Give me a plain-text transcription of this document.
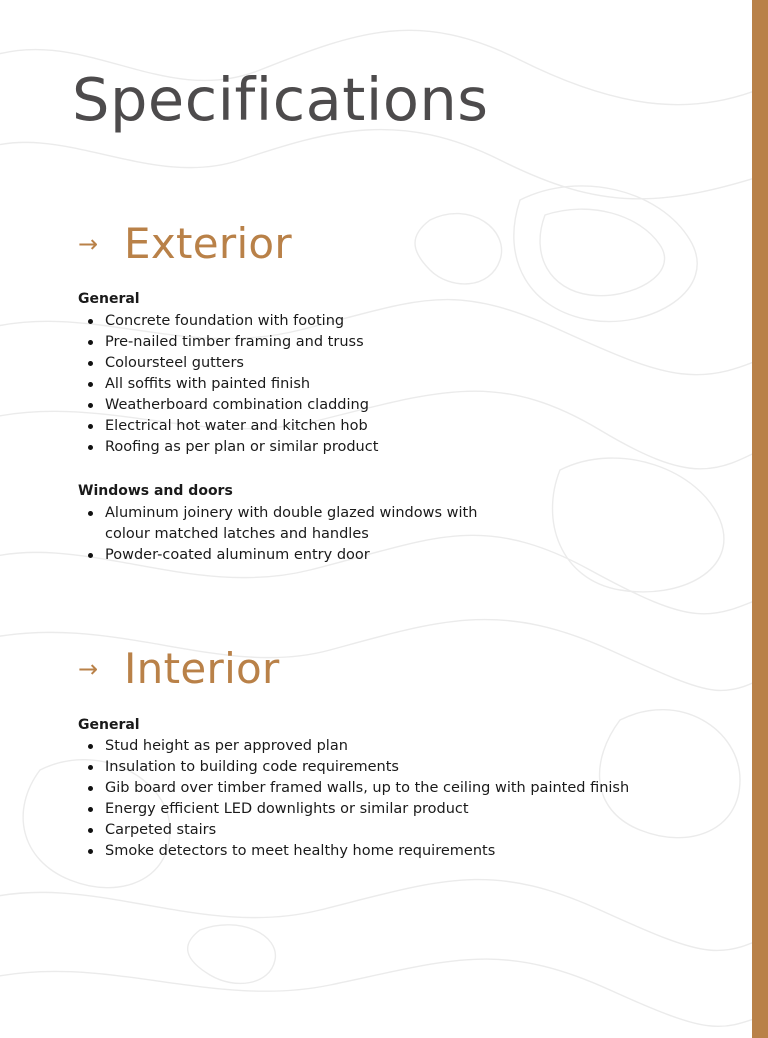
Specifications
→ Exterior
General
Concrete foundation with footing
Pre-nailed timber framing and truss
Coloursteel gutters
All soffits with painted finish
Weatherboard combination cladding
Electrical hot water and kitchen hob
Roofing as per plan or similar product
Windows and doors
Aluminum joinery with double glazed windows with
colour matched latches and handles
Powder-coated aluminum entry door
→ Interior
General
Stud height as per approved plan
Insulation to building code requirements
Gib board over timber framed walls, up to the ceiling with painted finish
Energy efficient LED downlights or similar product
Carpeted stairs
Smoke detectors to meet healthy home requirements
